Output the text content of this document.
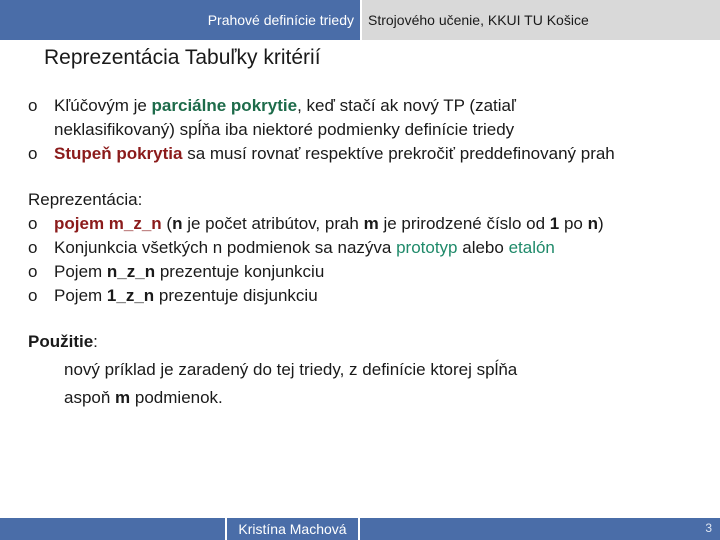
Prahové definície triedy Strojového učenie, KKUI TU Košice
Reprezentácia Tabuľky kritérií
o Kľúčovým je parciálne pokrytie, keď stačí ak nový TP (zatiaľ
neklasifikovaný) spĺňa iba niektoré podmienky definície triedy
o Stupeň pokrytia sa musí rovnať respektíve prekročiť preddefinovaný prah
Reprezentácia:
o pojem m_z_n (n je počet atribútov, prah m je prirodzené číslo od 1 po n)
o Konjunkcia všetkých n podmienok sa nazýva prototyp alebo etalón
o Pojem n_z_n prezentuje konjunkciu
o Pojem 1_z_n prezentuje disjunkciu
Použitie:
nový príklad je zaradený do tej triedy, z definície ktorej spĺňa
aspoň m podmienok.
Kristína Machová	3
